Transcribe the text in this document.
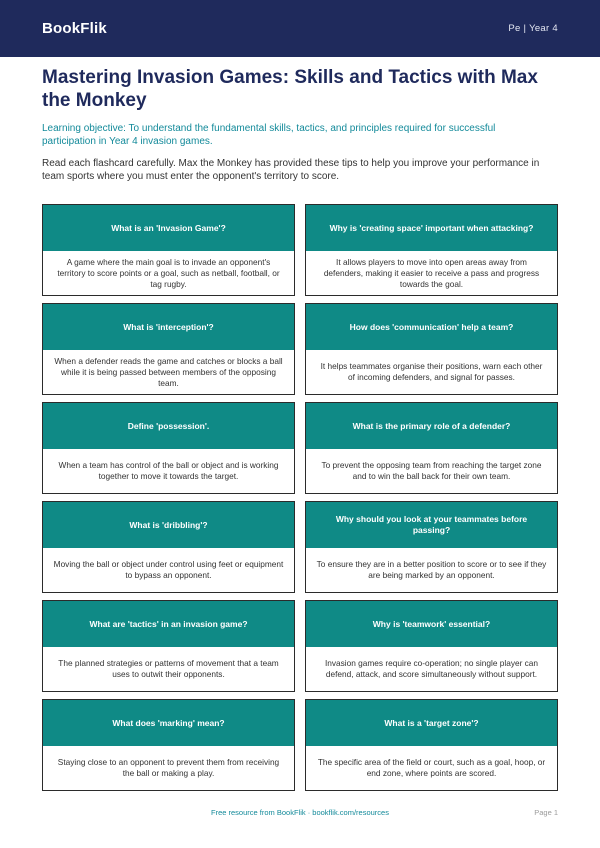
BookFlik	Pe | Year 4
Mastering Invasion Games: Skills and Tactics with Max the Monkey

Learning objective: To understand the fundamental skills, tactics, and principles required for successful participation in Year 4 invasion games.

Read each flashcard carefully. Max the Monkey has provided these tips to help you improve your performance in team sports where you must enter the opponent's territory to score.

What is an 'Invasion Game'?
A game where the main goal is to invade an opponent's territory to score points or a goal, such as netball, football, or tag rugby.
Why is 'creating space' important when attacking?
It allows players to move into open areas away from defenders, making it easier to receive a pass and progress towards the goal.
What is 'interception'?
When a defender reads the game and catches or blocks a ball while it is being passed between members of the opposing team.
How does 'communication' help a team?
It helps teammates organise their positions, warn each other of incoming defenders, and signal for passes.
Define 'possession'.
When a team has control of the ball or object and is working together to move it towards the target.
What is the primary role of a defender?
To prevent the opposing team from reaching the target zone and to win the ball back for their own team.
What is 'dribbling'?
Moving the ball or object under control using feet or equipment to bypass an opponent.
Why should you look at your teammates before passing?
To ensure they are in a better position to score or to see if they are being marked by an opponent.
What are 'tactics' in an invasion game?
The planned strategies or patterns of movement that a team uses to outwit their opponents.
Why is 'teamwork' essential?
Invasion games require co-operation; no single player can defend, attack, and score simultaneously without support.
What does 'marking' mean?
Staying close to an opponent to prevent them from receiving the ball or making a play.
What is a 'target zone'?
The specific area of the field or court, such as a goal, hoop, or end zone, where points are scored.
Free resource from BookFlik · bookflik.com/resources	Page 1
